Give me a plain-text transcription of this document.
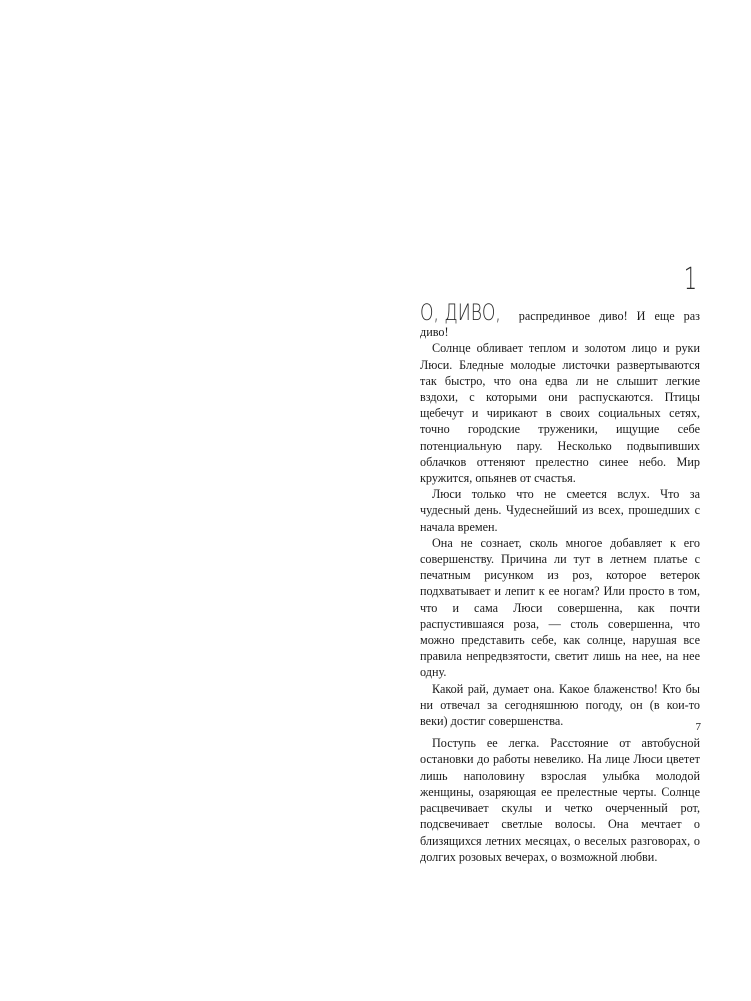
1

О, ДИВО, распрединвое диво! И еще раз диво!

Солнце обливает теплом и золотом лицо и руки Люси. Бледные молодые листочки развертываются так быстро, что она едва ли не слышит легкие вздохи, с которыми они распускаются. Птицы щебечут и чирикают в своих социальных сетях, точно городские труженики, ищущие себе потенциальную пару. Несколько подвыпивших облачков оттеняют прелестно синее небо. Мир кружится, опьянев от счастья.

Люси только что не смеется вслух. Что за чудесный день. Чудеснейший из всех, прошедших с начала времен.

Она не сознает, сколь многое добавляет к его совершенству. Причина ли тут в летнем платье с печатным рисунком из роз, которое ветерок подхватывает и лепит к ее ногам? Или просто в том, что и сама Люси совершенна, как почти распустившаяся роза, — столь совершенна, что можно представить себе, как солнце, нарушая все правила непредвзятости, светит лишь на нее, на нее одну.

Какой рай, думает она. Какое блаженство! Кто бы ни отвечал за сегодняшнюю погоду, он (в кои-то веки) достиг совершенства.

Поступь ее легка. Расстояние от автобусной остановки до работы невелико. На лице Люси цветет лишь наполовину взрослая улыбка молодой женщины, озаряющая ее прелестные черты. Солнце расцвечивает скулы и четко очерченный рот, подсвечивает светлые волосы. Она мечтает о близящихся летних месяцах, о веселых разговорах, о долгих розовых вечерах, о возможной любви.

7
